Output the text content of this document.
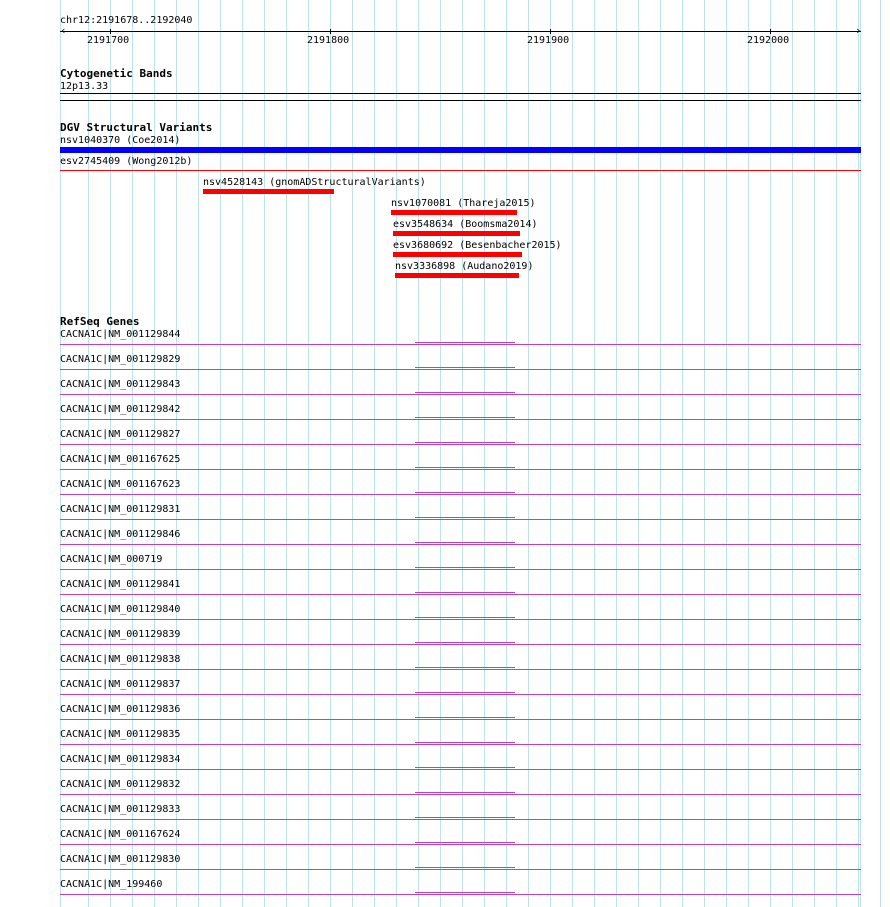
chr12:2191678..2192040
‹	›
2191700	2191800	2191900	2192000
Cytogenetic Bands
12p13.33
DGV Structural Variants
nsv1040370 (Coe2014)
esv2745409 (Wong2012b)
nsv4528143 (gnomADStructuralVariants)
nsv1070081 (Thareja2015)
esv3548634 (Boomsma2014)
esv3680692 (Besenbacher2015)
nsv3336898 (Audano2019)
RefSeq Genes
CACNA1C|NM_001129844
CACNA1C|NM_001129829
CACNA1C|NM_001129843
CACNA1C|NM_001129842
CACNA1C|NM_001129827
CACNA1C|NM_001167625
CACNA1C|NM_001167623
CACNA1C|NM_001129831
CACNA1C|NM_001129846
CACNA1C|NM_000719
CACNA1C|NM_001129841
CACNA1C|NM_001129840
CACNA1C|NM_001129839
CACNA1C|NM_001129838
CACNA1C|NM_001129837
CACNA1C|NM_001129836
CACNA1C|NM_001129835
CACNA1C|NM_001129834
CACNA1C|NM_001129832
CACNA1C|NM_001129833
CACNA1C|NM_001167624
CACNA1C|NM_001129830
CACNA1C|NM_199460
